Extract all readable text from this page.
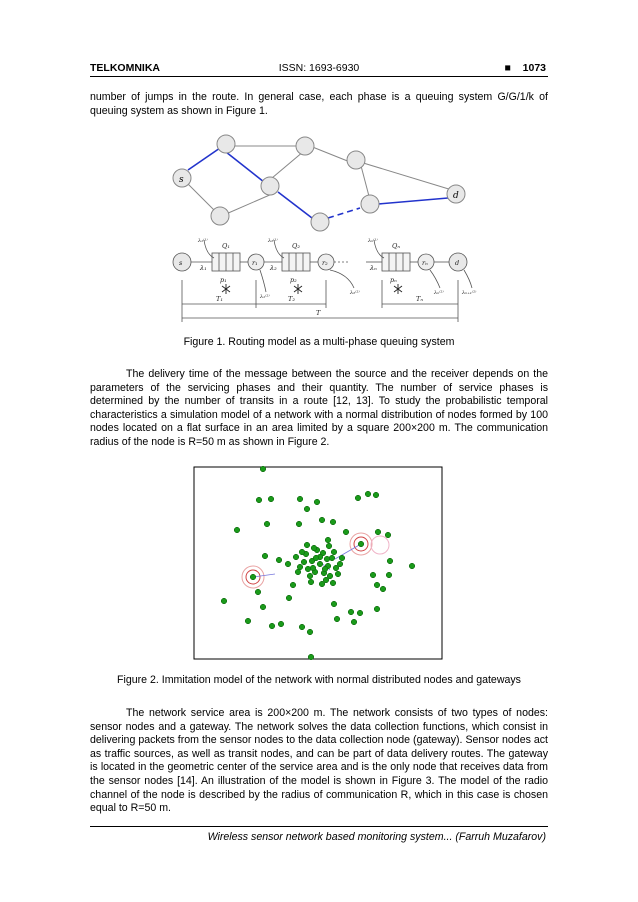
TELKOMNIKA	ISSN: 1693-6930	■ 1073
number of jumps in the route. In general case, each phase is a queuing system G/G/1/k of queuing system as shown in Figure 1.
s
d
s	d
Q₁	Q₂	Qₙ
r₁	r₂	rₙ
λ₁	λ₂	λₙ
p₁	p₂	pₙ
T₁	T₂	Tₙ
T
λ₁⁽¹⁾	λ₂⁽¹⁾	λₙ⁽¹⁾
λ₁⁽²⁾
λ₂⁽²⁾	λₙ⁽²⁾	λₙ₊₁⁽²⁾
Figure 1. Routing model as a multi-phase queuing system
The delivery time of the message between the source and the receiver depends on the parameters of the servicing phases and their quantity. The number of service phases is determined by the number of transits in a route [12, 13]. To study the probabilistic temporal characteristics a simulation model of a network with a normal distribution of nodes formed by 100 nodes located on a flat surface in an area limited by a square 200×200 m. The communication radius of the node is R=50 m as shown in Figure 2.
Figure 2. Immitation model of the network with normal distributed nodes and gateways
The network service area is 200×200 m. The network consists of two types of nodes: sensor nodes and a gateway. The network solves the data collection functions, which consist in delivering packets from the sensor nodes to the data collection node (gateway). Sensor nodes act as traffic sources, as well as transit nodes, and can be part of data delivery routes. The gateway is located in the geometric center of the service area and is the only node that receives data from the sensor nodes [14]. An illustration of the model is shown in Figure 3. The model of the radio channel of the node is described by the radius of communication R, which in this case is chosen equal to R=50 m.
Wireless sensor network based monitoring system... (Farruh Muzafarov)
